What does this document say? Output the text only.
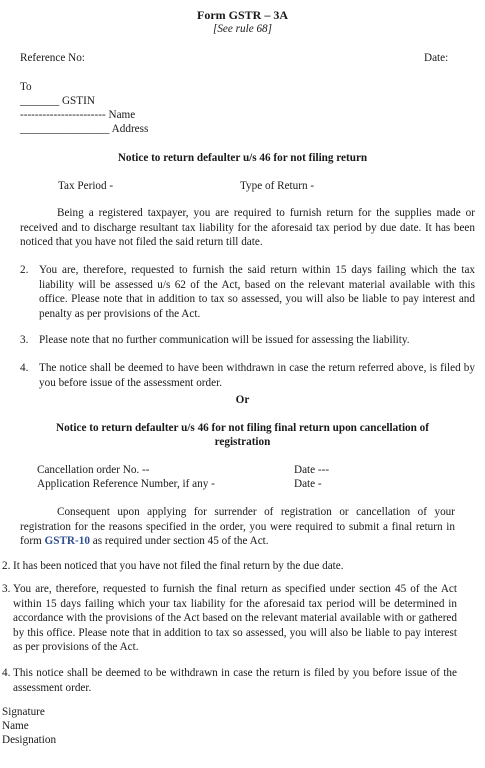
Form GSTR – 3A
[See rule 68]
Reference No:	Date:
To
_______ GSTIN
----------------------- Name
________________ Address
Notice to return defaulter u/s 46 for not filing return
Tax Period -	Type of Return -
Being a registered taxpayer, you are required to furnish return for the supplies made or received and to discharge resultant tax liability for the aforesaid tax period by due date. It has been noticed that you have not filed the said return till date.
2. You are, therefore, requested to furnish the said return within 15 days failing which the tax liability will be assessed u/s 62 of the Act, based on the relevant material available with this office. Please note that in addition to tax so assessed, you will also be liable to pay interest and penalty as per provisions of the Act.
3. Please note that no further communication will be issued for assessing the liability.
4. The notice shall be deemed to have been withdrawn in case the return referred above, is filed by you before issue of the assessment order.
Or
Notice to return defaulter u/s 46 for not filing final return upon cancellation of
registration
Cancellation order No. --	Date ---
Application Reference Number, if any -	Date -
Consequent upon applying for surrender of registration or cancellation of your registration for the reasons specified in the order, you were required to submit a final return in form GSTR-10 as required under section 45 of the Act.
2. It has been noticed that you have not filed the final return by the due date.
3. You are, therefore, requested to furnish the final return as specified under section 45 of the Act within 15 days failing which your tax liability for the aforesaid tax period will be determined in accordance with the provisions of the Act based on the relevant material available with or gathered by this office. Please note that in addition to tax so assessed, you will also be liable to pay interest as per provisions of the Act.
4. This notice shall be deemed to be withdrawn in case the return is filed by you before issue of the assessment order.
Signature
Name
Designation
